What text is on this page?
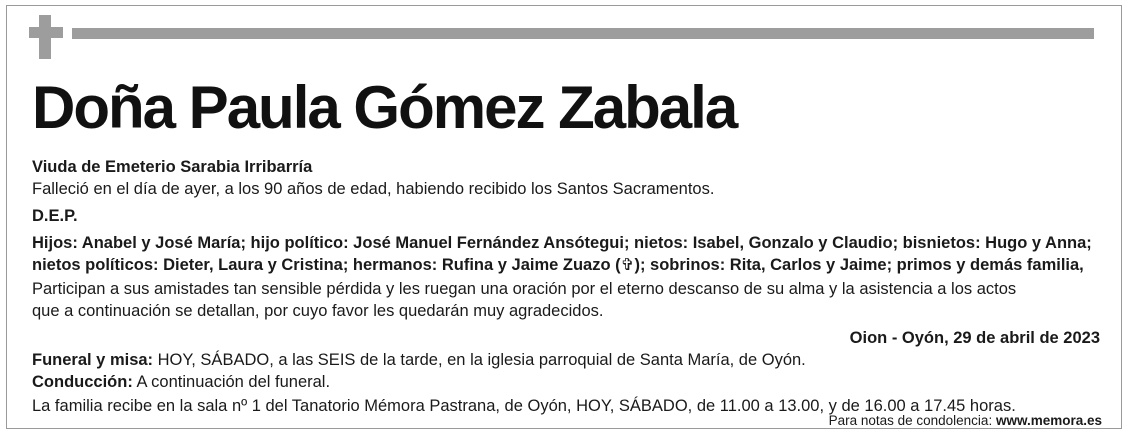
Doña Paula Gómez Zabala

Viuda de Emeterio Sarabia Irribarría

Falleció en el día de ayer, a los 90 años de edad, habiendo recibido los Santos Sacramentos.

D.E.P.

Hijos: Anabel y José María; hijo político: José Manuel Fernández Ansótegui; nietos: Isabel, Gonzalo y Claudio; bisnietos: Hugo y Anna;

nietos políticos: Dieter, Laura y Cristina; hermanos: Rufina y Jaime Zuazo (✞); sobrinos: Rita, Carlos y Jaime; primos y demás familia,

Participan a sus amistades tan sensible pérdida y les ruegan una oración por el eterno descanso de su alma y la asistencia a los actos

que a continuación se detallan, por cuyo favor les quedarán muy agradecidos.

Oion - Oyón, 29 de abril de 2023

Funeral y misa: HOY, SÁBADO, a las SEIS de la tarde, en la iglesia parroquial de Santa María, de Oyón.

Conducción: A continuación del funeral.

La familia recibe en la sala nº 1 del Tanatorio Mémora Pastrana, de Oyón, HOY, SÁBADO, de 11.00 a 13.00, y de 16.00 a 17.45 horas.

Para notas de condolencia: www.memora.es
